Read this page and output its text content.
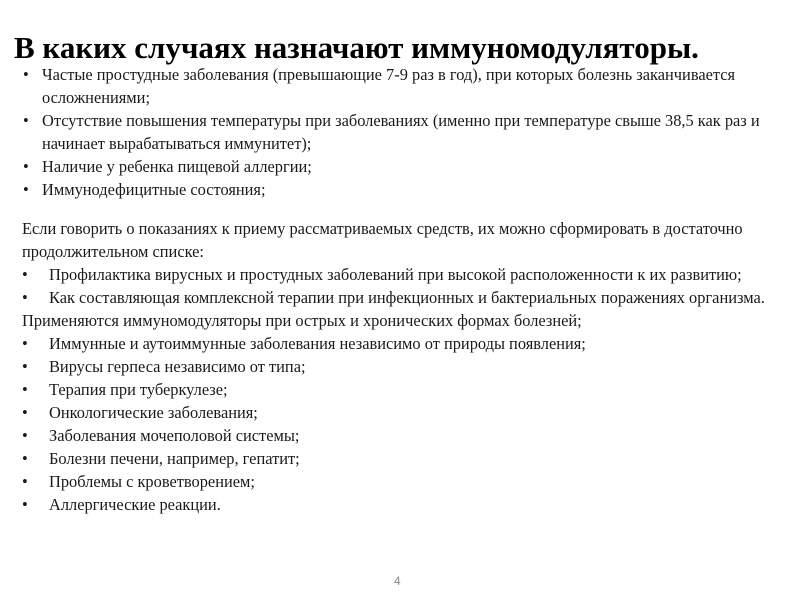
В каких случаях назначают иммуномодуляторы.
• Частые простудные заболевания (превышающие 7-9 раз в год), при которых болезнь заканчивается осложнениями;
• Отсутствие повышения температуры при заболеваниях (именно при температуре свыше 38,5 как раз и начинает вырабатываться иммунитет);
• Наличие у ребенка пищевой аллергии;
• Иммунодефицитные состояния;

Если говорить о показаниях к приему рассматриваемых средств, их можно сформировать в достаточно продолжительном списке:

• Профилактика вирусных и простудных заболеваний при высокой расположенности к их развитию;
• Как составляющая комплексной терапии при инфекционных и бактериальных поражениях организма. Применяются иммуномодуляторы при острых и хронических формах болезней;
• Иммунные и аутоиммунные заболевания независимо от природы появления;
• Вирусы герпеса независимо от типа;
• Терапия при туберкулезе;
• Онкологические заболевания;
• Заболевания мочеполовой системы;
• Болезни печени, например, гепатит;
• Проблемы с кроветворением;
• Аллергические реакции.
4
